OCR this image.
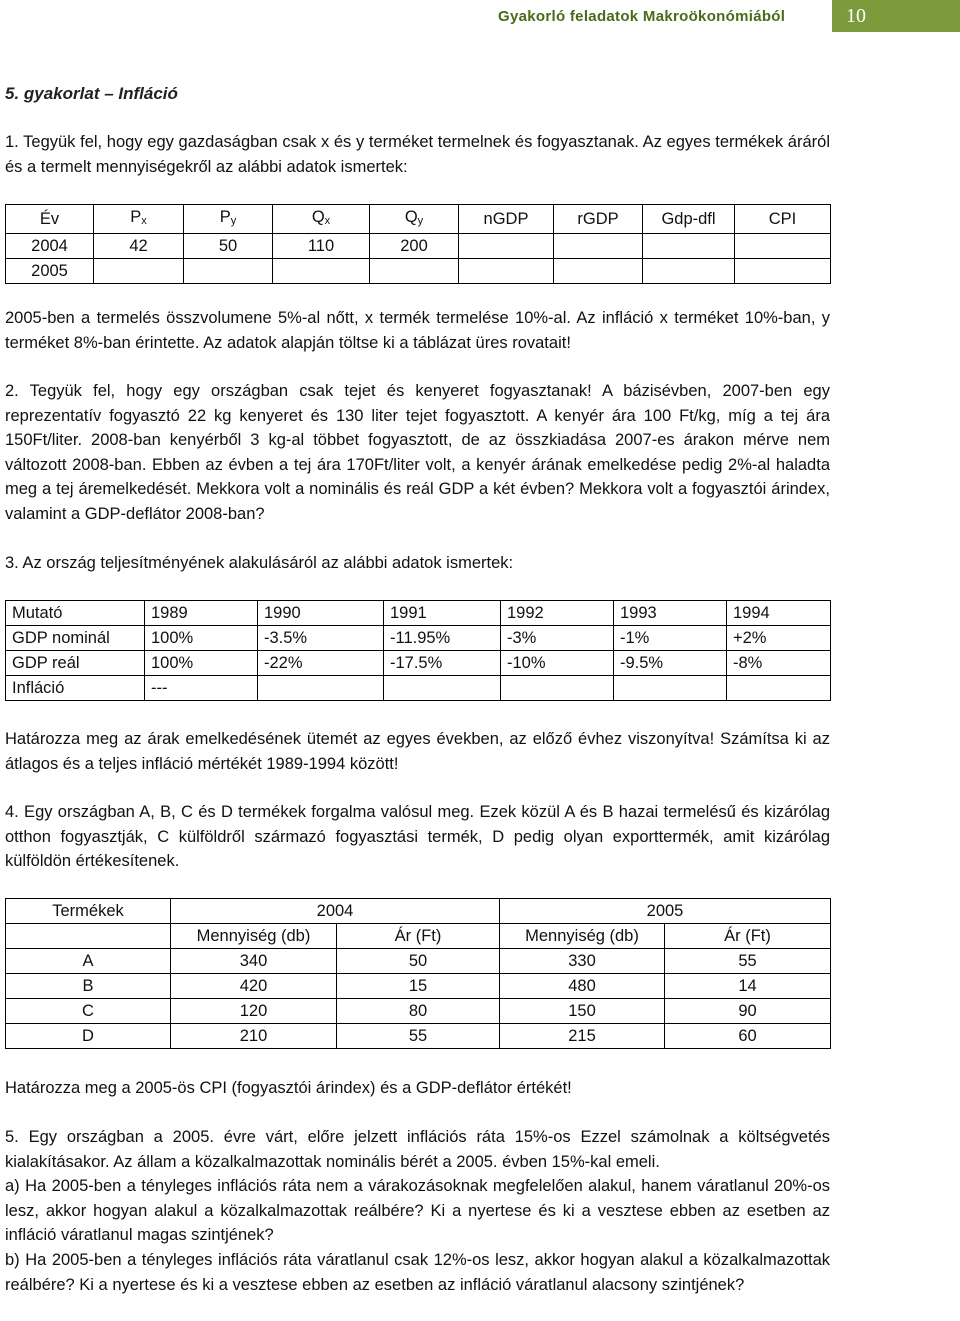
Gyakorló feladatok Makroökonómiából	10
5. gyakorlat – Infláció

1. Tegyük fel, hogy egy gazdaságban csak x és y terméket termelnek és fogyasztanak. Az egyes termékek áráról és a termelt mennyiségekről az alábbi adatok ismertek:

Év	$P_x$	$P_y$	$Q_x$	$Q_y$	nGDP	rGDP	Gdp-dfl	CPI
2004	42	50	110	200				
2005								

2005-ben a termelés összvolumene 5%-al nőtt, x termék termelése 10%-al. Az infláció x terméket 10%-ban, y terméket 8%-ban érintette. Az adatok alapján töltse ki a táblázat üres rovatait!

2. Tegyük fel, hogy egy országban csak tejet és kenyeret fogyasztanak! A bázisévben, 2007-ben egy reprezentatív fogyasztó 22 kg kenyeret és 130 liter tejet fogyasztott. A kenyér ára 100 Ft/kg, míg a tej ára 150Ft/liter. 2008-ban kenyérből 3 kg-al többet fogyasztott, de az összkiadása 2007-es árakon mérve nem változott 2008-ban. Ebben az évben a tej ára 170Ft/liter volt, a kenyér árának emelkedése pedig 2%-al haladta meg a tej áremelkedését. Mekkora volt a nominális és reál GDP a két évben? Mekkora volt a fogyasztói árindex, valamint a GDP-deflátor 2008-ban?

3. Az ország teljesítményének alakulásáról az alábbi adatok ismertek:

Mutató	1989	1990	1991	1992	1993	1994
GDP nominál	100%	-3.5%	-11.95%	-3%	-1%	+2%
GDP reál	100%	-22%	-17.5%	-10%	-9.5%	-8%
Infláció	---					

Határozza meg az árak emelkedésének ütemét az egyes években, az előző évhez viszonyítva! Számítsa ki az átlagos és a teljes infláció mértékét 1989-1994 között!

4. Egy országban A, B, C és D termékek forgalma valósul meg. Ezek közül A és B hazai termelésű és kizárólag otthon fogyasztják, C külföldről származó fogyasztási termék, D pedig olyan exporttermék, amit kizárólag külföldön értékesítenek.

Termékek	2004		2005	
	Mennyiség (db)	Ár (Ft)	Mennyiség (db)	Ár (Ft)
A	340	50	330	55
B	420	15	480	14
C	120	80	150	90
D	210	55	215	60

Határozza meg a 2005-ös CPI (fogyasztói árindex) és a GDP-deflátor értékét!

5. Egy országban a 2005. évre várt, előre jelzett inflációs ráta 15%-os Ezzel számolnak a költségvetés kialakításakor. Az állam a közalkalmazottak nominális bérét a 2005. évben 15%-kal emeli.

a) Ha 2005-ben a tényleges inflációs ráta nem a várakozásoknak megfelelően alakul, hanem váratlanul 20%-os lesz, akkor hogyan alakul a közalkalmazottak reálbére? Ki a nyertese és ki a vesztese ebben az esetben az infláció váratlanul magas szintjének?

b) Ha 2005-ben a tényleges inflációs ráta váratlanul csak 12%-os lesz, akkor hogyan alakul a közalkalmazottak reálbére? Ki a nyertese és ki a vesztese ebben az esetben az infláció váratlanul alacsony szintjének?
